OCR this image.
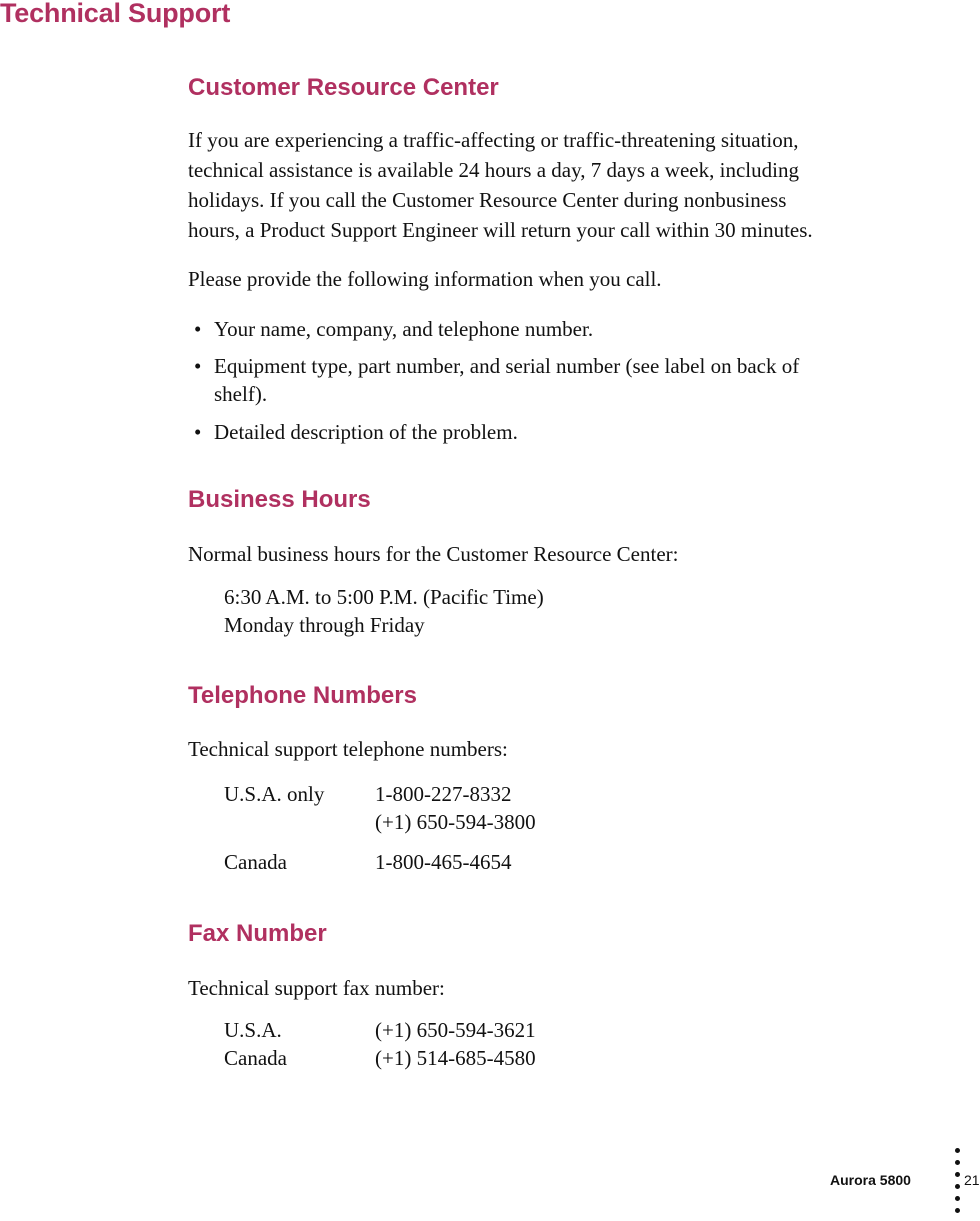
Technical Support
Customer Resource Center
If you are experiencing a traffic-affecting or traffic-threatening situation,
technical assistance is available 24 hours a day, 7 days a week, including
holidays. If you call the Customer Resource Center during nonbusiness
hours, a Product Support Engineer will return your call within 30 minutes.
Please provide the following information when you call.
• Your name, company, and telephone number.
• Equipment type, part number, and serial number (see label on back of
shelf).
• Detailed description of the problem.
Business Hours
Normal business hours for the Customer Resource Center:
6:30 A.M. to 5:00 P.M. (Pacific Time)
Monday through Friday
Telephone Numbers
Technical support telephone numbers:
U.S.A. only 1-800-227-8332
(+1) 650-594-3800
Canada	1-800-465-4654
Fax Number
Technical support fax number:
U.S.A.	(+1) 650-594-3621
Canada	(+1) 514-685-4580
Aurora 5800	21
